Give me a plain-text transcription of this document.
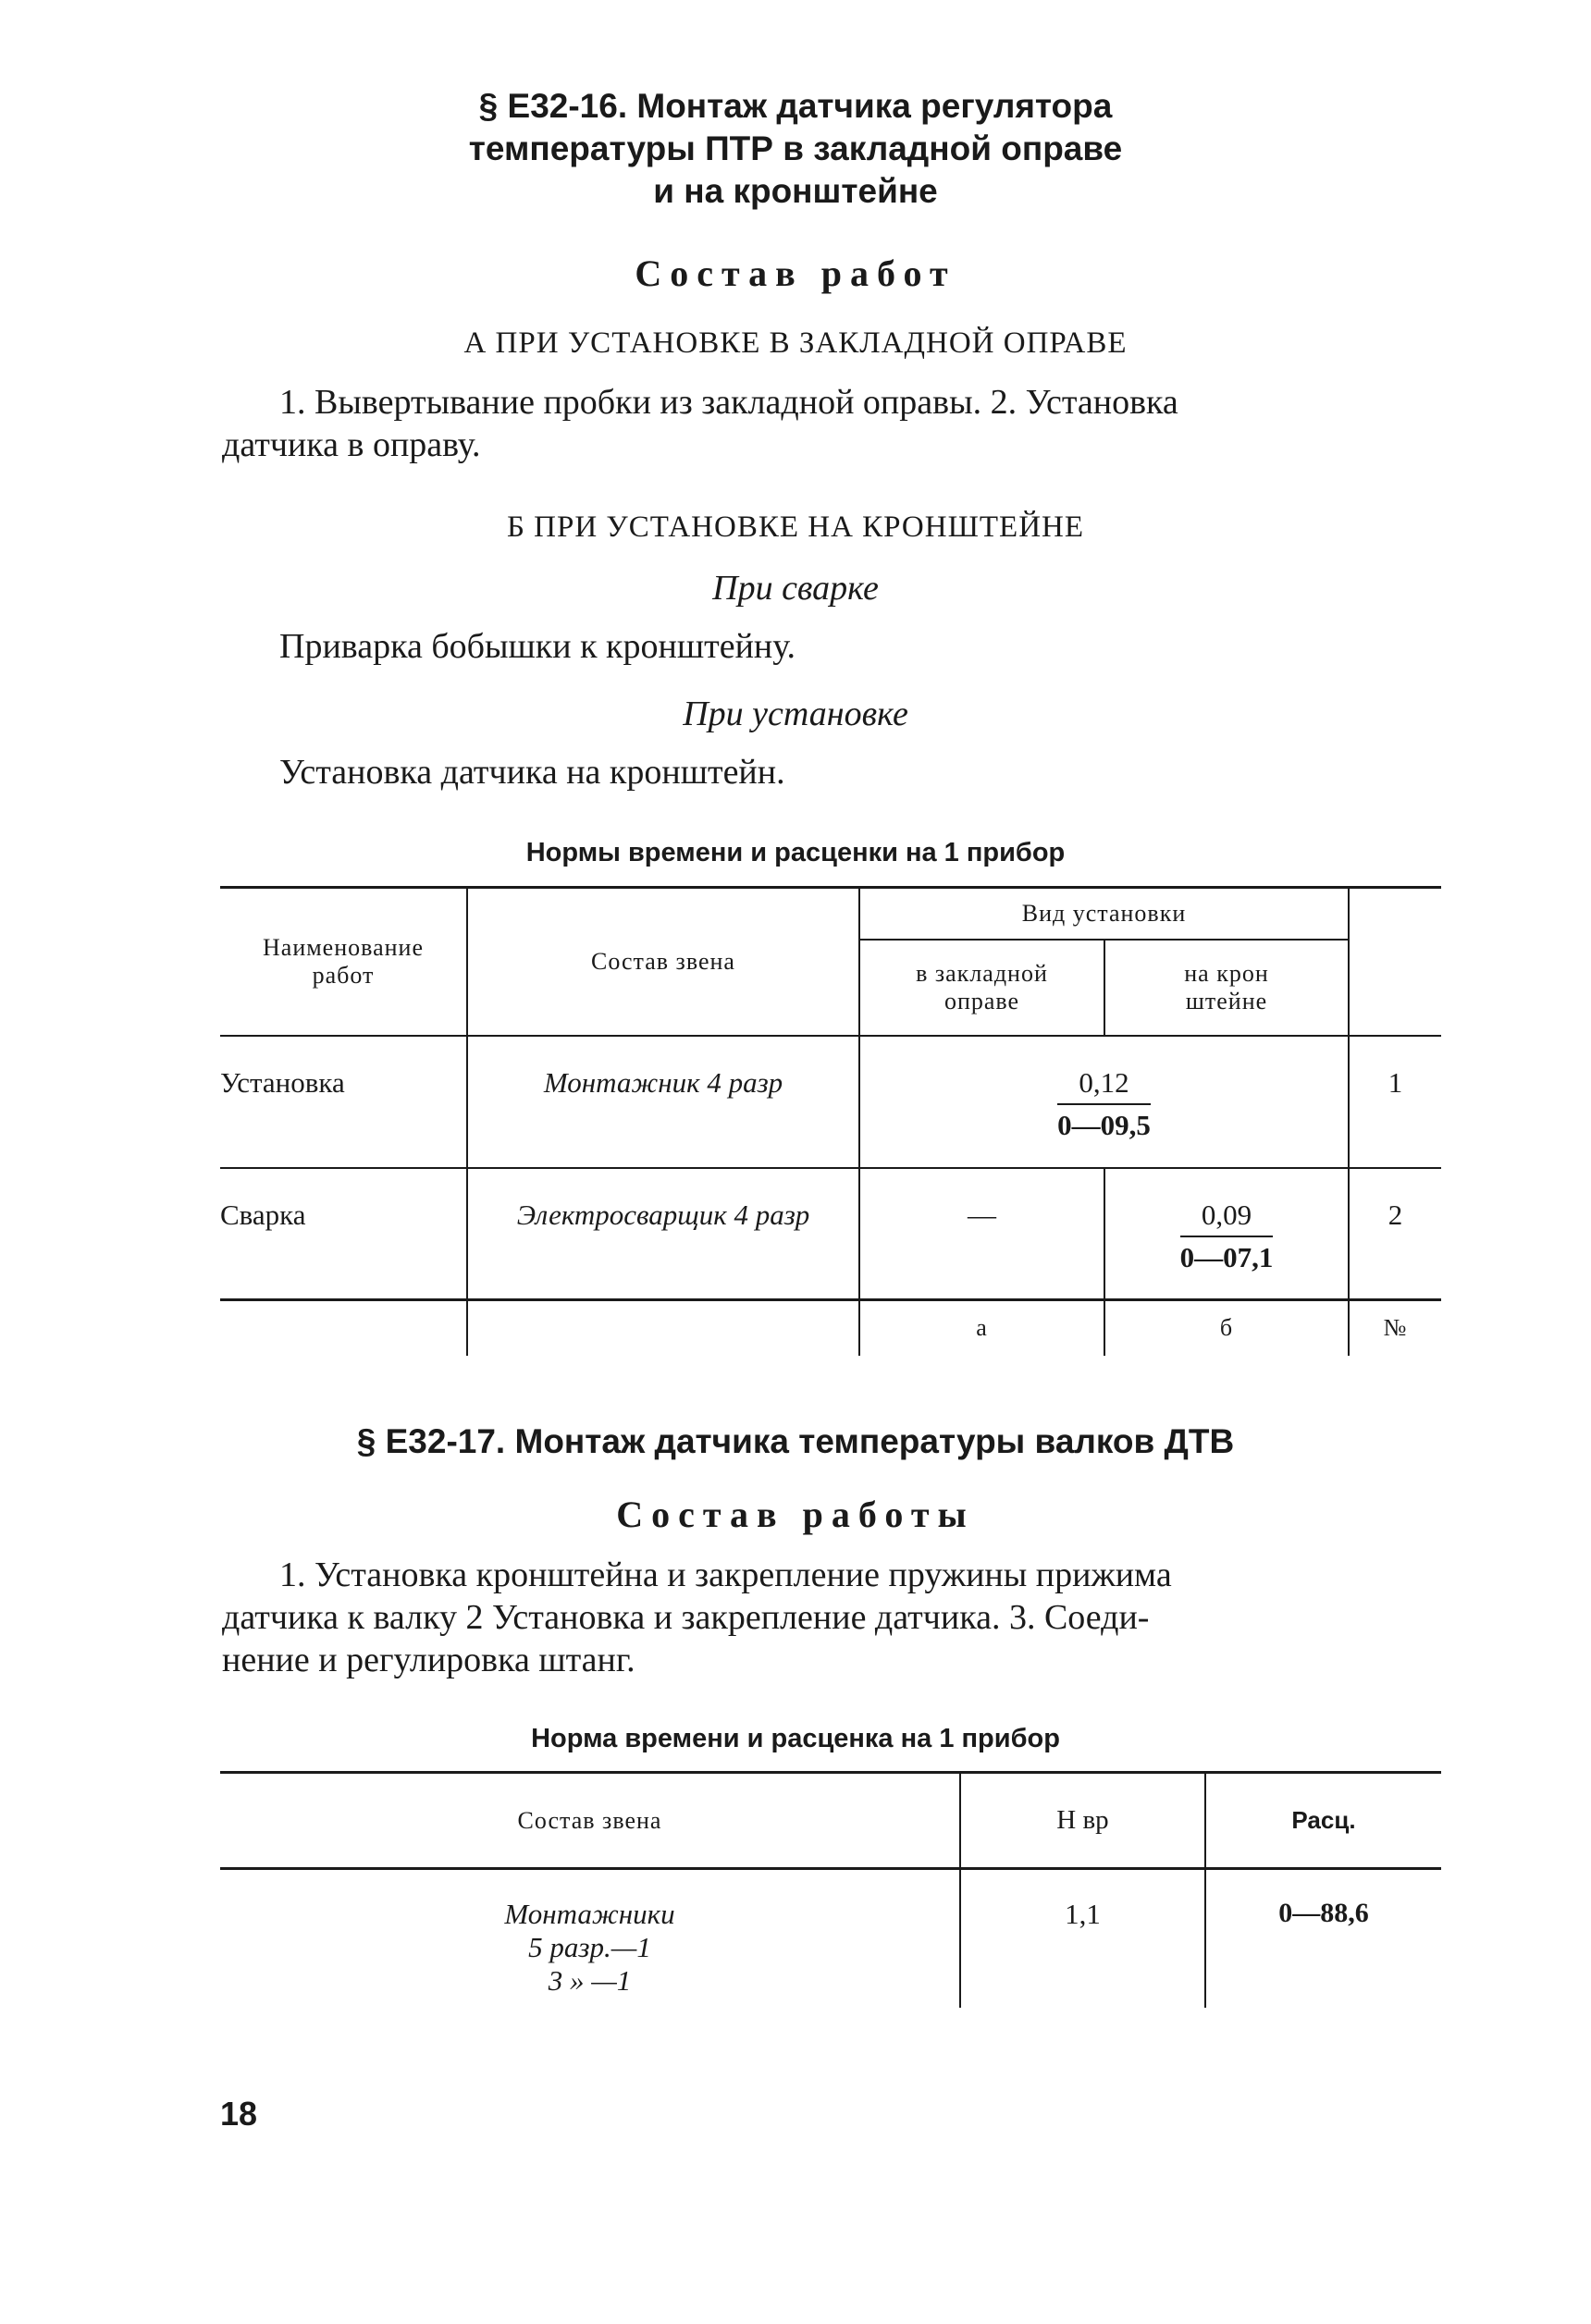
§ Е32-16. Монтаж датчика регулятора
температуры ПТР в закладной оправе
и на кронштейне
Состав работ
А ПРИ УСТАНОВКЕ В ЗАКЛАДНОЙ ОПРАВЕ
1. Вывертывание пробки из закладной оправы. 2. Установка
датчика в оправу.
Б ПРИ УСТАНОВКЕ НА КРОНШТЕЙНЕ
При сварке
Приварка бобышки к кронштейну.
При установке
Установка датчика на кронштейн.
Нормы времени и расценки на 1 прибор
Наименование работ	Состав звена	Вид установки		
		в закладной оправе	на крон штейне	
Установка	Монтажник 4 разр	$\frac{0,12}{0—09,5}$		1
Сварка	Электросварщик 4 разр	—	$\frac{0,09}{0—07,1}$	2
		а	б	№
§ Е32-17. Монтаж датчика температуры валков ДТВ
Состав работы
1. Установка кронштейна и закрепление пружины прижима
датчика к валку 2 Установка и закрепление датчика. 3. Соеди-
нение и регулировка штанг.
Норма времени и расценка на 1 прибор
Состав звена	Н вр	Расц.

Монтажники
5 разр.—1
3 » —1	1,1	0—88,6
18
